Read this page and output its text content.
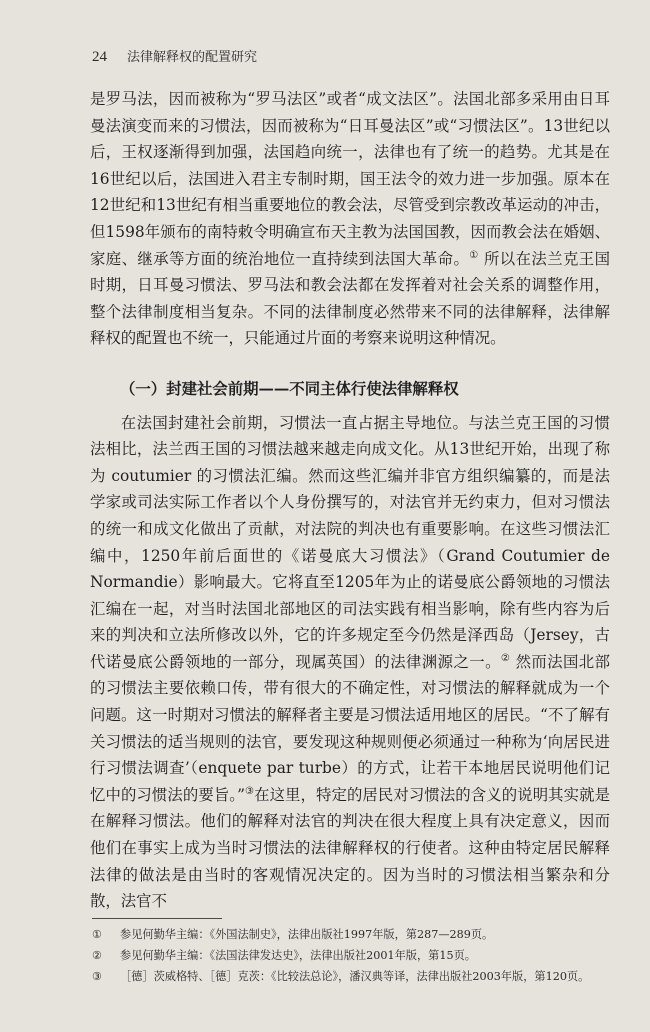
24 法律解释权的配置研究

是罗马法，因而被称为“罗马法区”或者“成文法区”。法国北部多采用由日耳曼法演变而来的习惯法，因而被称为“日耳曼法区”或“习惯法区”。13世纪以后，王权逐渐得到加强，法国趋向统一，法律也有了统一的趋势。尤其是在16世纪以后，法国进入君主专制时期，国王法令的效力进一步加强。原本在12世纪和13世纪有相当重要地位的教会法，尽管受到宗教改革运动的冲击，但1598年颁布的南特敕令明确宣布天主教为法国国教，因而教会法在婚姻、家庭、继承等方面的统治地位一直持续到法国大革命。① 所以在法兰克王国时期，日耳曼习惯法、罗马法和教会法都在发挥着对社会关系的调整作用，整个法律制度相当复杂。不同的法律制度必然带来不同的法律解释，法律解释权的配置也不统一，只能通过片面的考察来说明这种情况。

（一）封建社会前期——不同主体行使法律解释权

在法国封建社会前期，习惯法一直占据主导地位。与法兰克王国的习惯法相比，法兰西王国的习惯法越来越走向成文化。从13世纪开始，出现了称为 coutumier 的习惯法汇编。然而这些汇编并非官方组织编纂的，而是法学家或司法实际工作者以个人身份撰写的，对法官并无约束力，但对习惯法的统一和成文化做出了贡献，对法院的判决也有重要影响。在这些习惯法汇编中，1250年前后面世的《诺曼底大习惯法》（Grand Coutumier de Normandie）影响最大。它将直至1205年为止的诺曼底公爵领地的习惯法汇编在一起，对当时法国北部地区的司法实践有相当影响，除有些内容为后来的判决和立法所修改以外，它的许多规定至今仍然是泽西岛（Jersey，古代诺曼底公爵领地的一部分，现属英国）的法律渊源之一。② 然而法国北部的习惯法主要依赖口传，带有很大的不确定性，对习惯法的解释就成为一个问题。这一时期对习惯法的解释者主要是习惯法适用地区的居民。“不了解有关习惯法的适当规则的法官，要发现这种规则便必须通过一种称为‘向居民进行习惯法调查’（enquete par turbe）的方式，让若干本地居民说明他们记忆中的习惯法的要旨。”③在这里，特定的居民对习惯法的含义的说明其实就是在解释习惯法。他们的解释对法官的判决在很大程度上具有决定意义，因而他们在事实上成为当时习惯法的法律解释权的行使者。这种由特定居民解释法律的做法是由当时的客观情况决定的。因为当时的习惯法相当繁杂和分散，法官不

①	参见何勤华主编：《外国法制史》，法律出版社1997年版，第287—289页。

②	参见何勤华主编：《法国法律发达史》，法律出版社2001年版，第15页。

③	［德］茨威格特、［德］克茨：《比较法总论》，潘汉典等译，法律出版社2003年版，第120页。
